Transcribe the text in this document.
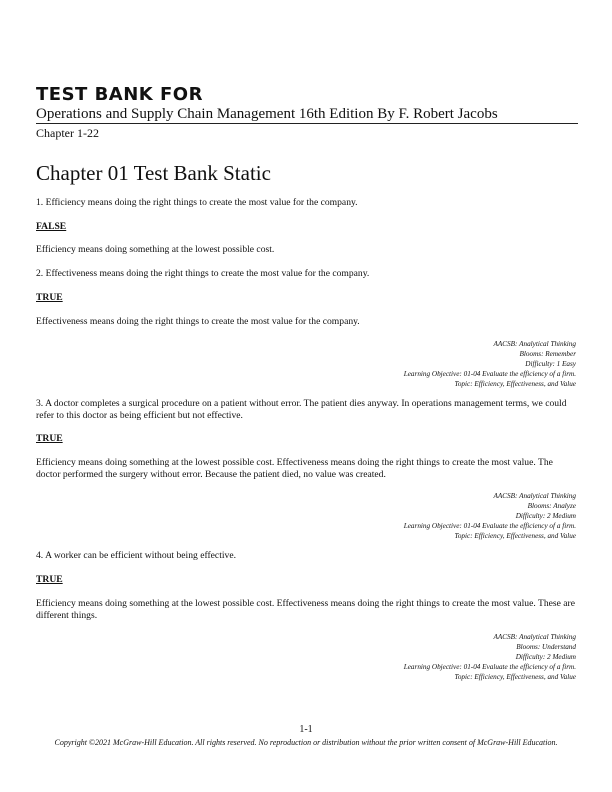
TEST BANK FOR
Operations and Supply Chain Management 16th Edition By F. Robert Jacobs
Chapter 1-22
Chapter 01 Test Bank Static
1. Efficiency means doing the right things to create the most value for the company.
FALSE
Efficiency means doing something at the lowest possible cost.
2. Effectiveness means doing the right things to create the most value for the company.
TRUE
Effectiveness means doing the right things to create the most value for the company.
AACSB: Analytical Thinking
Blooms: Remember
Difficulty: 1 Easy
Learning Objective: 01-04 Evaluate the efficiency of a firm.
Topic: Efficiency, Effectiveness, and Value
3. A doctor completes a surgical procedure on a patient without error. The patient dies anyway. In operations management terms, we could refer to this doctor as being efficient but not effective.
TRUE
Efficiency means doing something at the lowest possible cost. Effectiveness means doing the right things to create the most value. The doctor performed the surgery without error. Because the patient died, no value was created.
AACSB: Analytical Thinking
Blooms: Analyze
Difficulty: 2 Medium
Learning Objective: 01-04 Evaluate the efficiency of a firm.
Topic: Efficiency, Effectiveness, and Value
4. A worker can be efficient without being effective.
TRUE
Efficiency means doing something at the lowest possible cost. Effectiveness means doing the right things to create the most value. These are different things.
AACSB: Analytical Thinking
Blooms: Understand
Difficulty: 2 Medium
Learning Objective: 01-04 Evaluate the efficiency of a firm.
Topic: Efficiency, Effectiveness, and Value
1-1
Copyright ©2021 McGraw-Hill Education. All rights reserved. No reproduction or distribution without the prior written consent of McGraw-Hill Education.
